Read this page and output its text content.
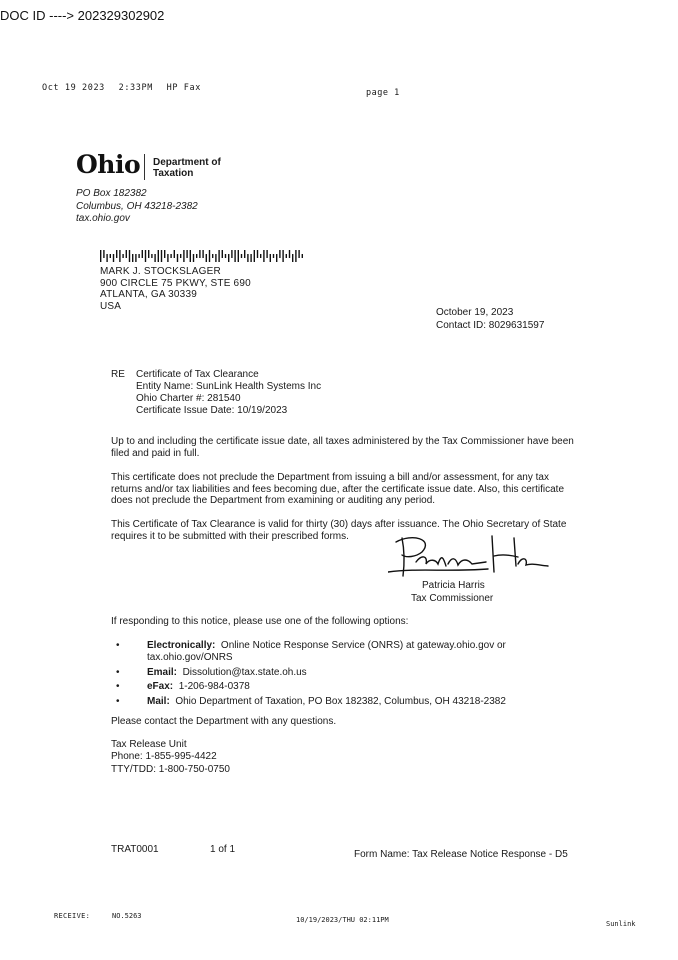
DOC ID ----> 202329302902
Oct 19 2023 2:33PM HP Fax	page 1
Ohio Department of Taxation
PO Box 182382
Columbus, OH 43218-2382
tax.ohio.gov
MARK J. STOCKSLAGER
900 CIRCLE 75 PKWY, STE 690
ATLANTA, GA 30339
USA
October 19, 2023
Contact ID: 8029631597
RE Certificate of Tax Clearance
Entity Name: SunLink Health Systems Inc
Ohio Charter #: 281540
Certificate Issue Date: 10/19/2023
Up to and including the certificate issue date, all taxes administered by the Tax Commissioner have been filed and paid in full.
This certificate does not preclude the Department from issuing a bill and/or assessment, for any tax returns and/or tax liabilities and fees becoming due, after the certificate issue date. Also, this certificate does not preclude the Department from examining or auditing any period.
This Certificate of Tax Clearance is valid for thirty (30) days after issuance. The Ohio Secretary of State requires it to be submitted with their prescribed forms.
Patricia Harris
Tax Commissioner
If responding to this notice, please use one of the following options:
•	Electronically: Online Notice Response Service (ONRS) at gateway.ohio.gov or tax.ohio.gov/ONRS
•	Email: Dissolution@tax.state.oh.us
•	eFax: 1-206-984-0378
•	Mail: Ohio Department of Taxation, PO Box 182382, Columbus, OH 43218-2382
Please contact the Department with any questions.
Tax Release Unit
Phone: 1-855-995-4422
TTY/TDD: 1-800-750-0750
TRAT0001	1 of 1	Form Name: Tax Release Notice Response - D5
RECEIVE:	NO.5263	10/19/2023/THU 02:11PM	Sunlink
